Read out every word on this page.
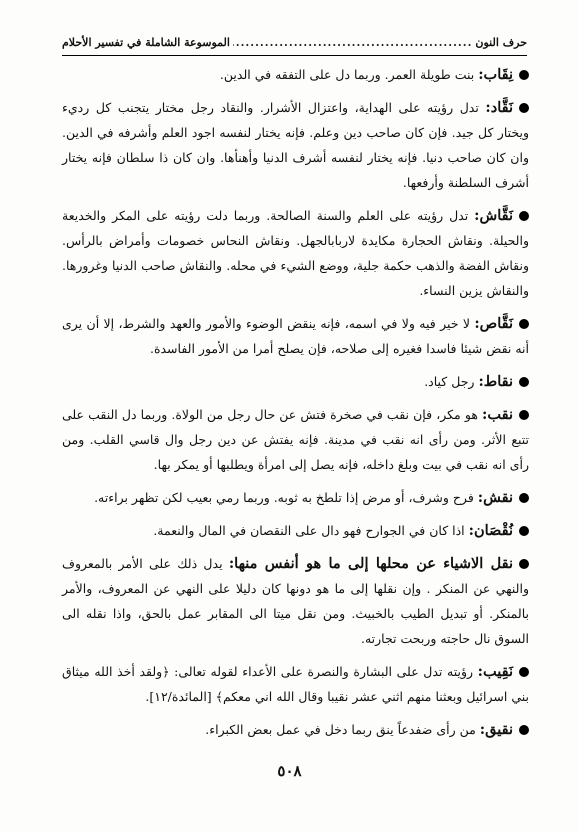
حرف النون
.....
الموسوعة الشاملة في تفسير الأحلام

نِقَاب: بنت طويلة العمر. وربما دل على التفقه في الدين.

نَقَّاد: تدل رؤيته على الهداية، واعتزال الأشرار. والنقاد رجل مختار يتجنب كل رديء ويختار كل جيد. فإن كان صاحب دين وعلم. فإنه يختار لنفسه اجود العلم وأشرفه في الدين. وان كان صاحب دنيا. فإنه يختار لنفسه أشرف الدنيا وأهنأها. وان كان ذا سلطان فإنه يختار أشرف السلطنة وأرفعها.

نَقَّاش: تدل رؤيته على العلم والسنة الصالحة. وربما دلت رؤيته على المكر والخديعة والحيلة. ونقاش الحجارة مكايدة لاربابالجهل. ونقاش النحاس خصومات وأمراض بالرأس. ونقاش الفضة والذهب حكمة جلية، ووضع الشيء في محله. والنقاش صاحب الدنيا وغرورها. والنقاش يزين النساء.

نَقَّاص: لا خير فيه ولا في اسمه، فإنه ينقض الوضوء والأمور والعهد والشرط، إلا أن يرى أنه نقض شيئا فاسدا فغيره إلى صلاحه، فإن يصلح أمرا من الأمور الفاسدة.

نقاط: رجل كياد.

نقب: هو مكر، فإن نقب في صخرة فتش عن حال رجل من الولاة. وربما دل النقب على تتبع الأثر. ومن رأى انه نقب في مدينة. فإنه يفتش عن دين رجل وال قاسي القلب. ومن رأى انه نقب في بيت وبلغ داخله، فإنه يصل إلى امرأة ويطلبها أو يمكر بها.

نقش: فرح وشرف، أو مرض إذا تلطخ به ثوبه. وربما رمي بعيب لكن تظهر براءته.

نُقْصَان: اذا كان في الجوارح فهو دال على النقصان في المال والنعمة.

نقل الاشياء عن محلها إلى ما هو أنفس منها: يدل ذلك على الأمر بالمعروف والنهي عن المنكر . وإن نقلها إلى ما هو دونها كان دليلا على النهي عن المعروف، والأمر بالمنكر. أو تبديل الطيب بالخبيث. ومن نقل ميتا الى المقابر عمل بالحق، واذا نقله الى السوق نال حاجته وربحت تجارته.

نَقِيب: رؤيته تدل على البشارة والنصرة على الأعداء لقوله تعالى: ﴿ولقد أخذ الله ميثاق بني اسرائيل وبعثنا منهم اثني عشر نقيبا وقال الله اني معكم﴾ [المائدة/١٢].

نقيق: من رأى ضفدعاً ينق ربما دخل في عمل بعض الكبراء.

٥٠٨
